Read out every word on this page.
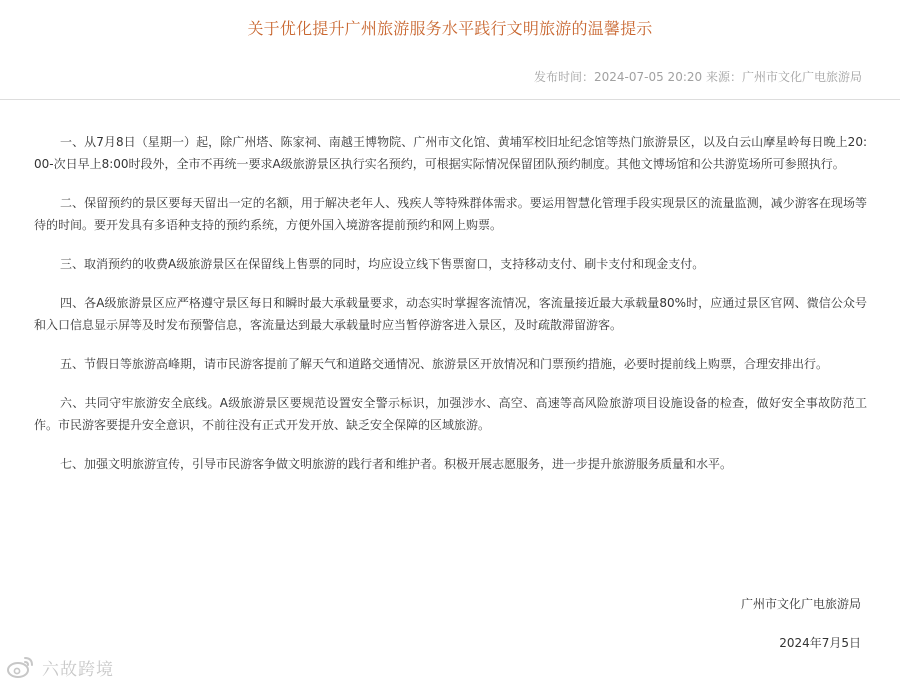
关于优化提升广州旅游服务水平践行文明旅游的温馨提示
发布时间：2024-07-05 20:20 来源：广州市文化广电旅游局

一、从7月8日（星期一）起，除广州塔、陈家祠、南越王博物院、广州市文化馆、黄埔军校旧址纪念馆等热门旅游景区，以及白云山摩星岭每日晚上20:00-次日早上8:00时段外，全市不再统一要求A级旅游景区执行实名预约，可根据实际情况保留团队预约制度。其他文博场馆和公共游览场所可参照执行。

二、保留预约的景区要每天留出一定的名额，用于解决老年人、残疾人等特殊群体需求。要运用智慧化管理手段实现景区的流量监测，减少游客在现场等待的时间。要开发具有多语种支持的预约系统，方便外国入境游客提前预约和网上购票。

三、取消预约的收费A级旅游景区在保留线上售票的同时，均应设立线下售票窗口，支持移动支付、刷卡支付和现金支付。

四、各A级旅游景区应严格遵守景区每日和瞬时最大承载量要求，动态实时掌握客流情况，客流量接近最大承载量80%时，应通过景区官网、微信公众号和入口信息显示屏等及时发布预警信息，客流量达到最大承载量时应当暂停游客进入景区，及时疏散滞留游客。

五、节假日等旅游高峰期，请市民游客提前了解天气和道路交通情况、旅游景区开放情况和门票预约措施，必要时提前线上购票，合理安排出行。

六、共同守牢旅游安全底线。A级旅游景区要规范设置安全警示标识，加强涉水、高空、高速等高风险旅游项目设施设备的检查，做好安全事故防范工作。市民游客要提升安全意识，不前往没有正式开发开放、缺乏安全保障的区域旅游。

七、加强文明旅游宣传，引导市民游客争做文明旅游的践行者和维护者。积极开展志愿服务，进一步提升旅游服务质量和水平。

广州市文化广电旅游局
2024年7月5日
六故跨境
